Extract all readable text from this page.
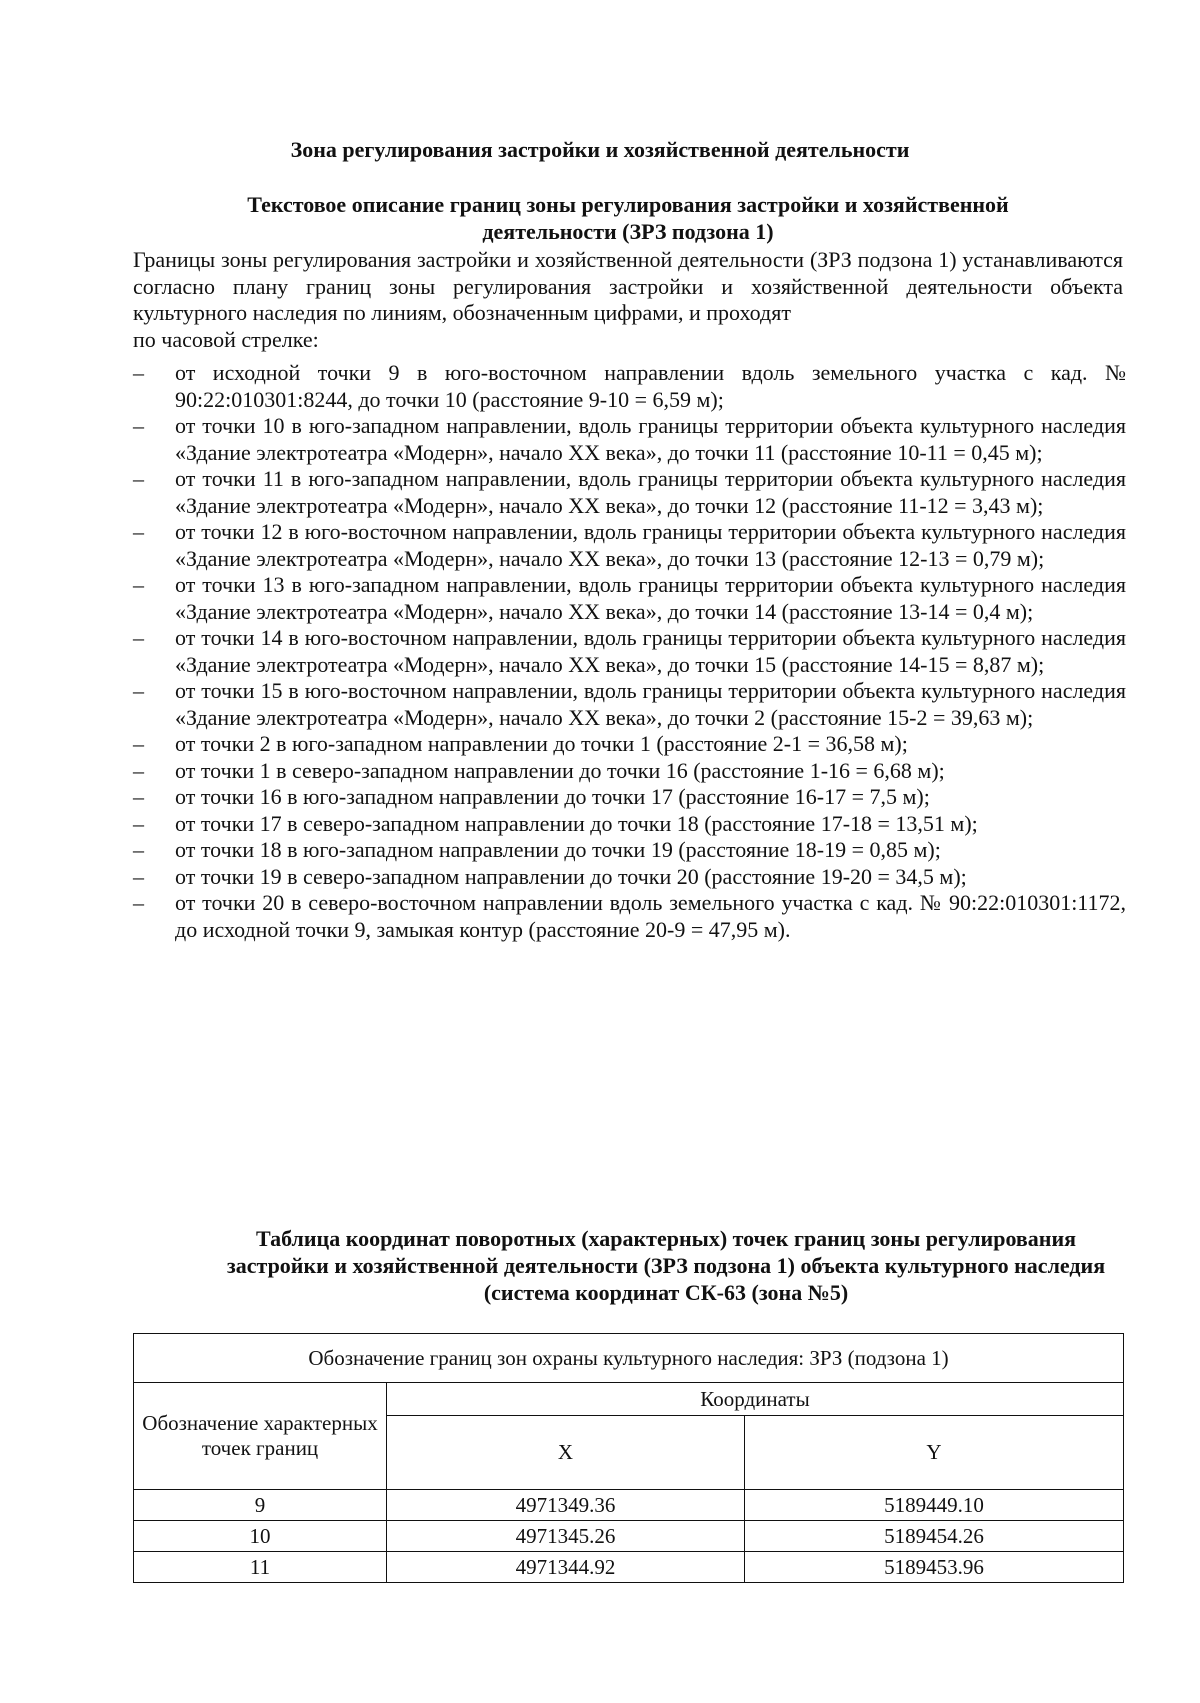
Зона регулирования застройки и хозяйственной деятельности
Текстовое описание границ зоны регулирования застройки и хозяйственной деятельности (ЗРЗ подзона 1)

Границы зоны регулирования застройки и хозяйственной деятельности (ЗРЗ подзона 1) устанавливаются согласно плану границ зоны регулирования застройки и хозяйственной деятельности объекта культурного наследия по линиям, обозначенным цифрами, и проходят
по часовой стрелке:

– от исходной точки 9 в юго-восточном направлении вдоль земельного участка с кад. № 90:22:010301:8244, до точки 10 (расстояние 9-10 = 6,59 м);
– от точки 10 в юго-западном направлении, вдоль границы территории объекта культурного наследия «Здание электротеатра «Модерн», начало XX века», до точки 11 (расстояние 10-11 = 0,45 м);
– от точки 11 в юго-западном направлении, вдоль границы территории объекта культурного наследия «Здание электротеатра «Модерн», начало XX века», до точки 12 (расстояние 11-12 = 3,43 м);
– от точки 12 в юго-восточном направлении, вдоль границы территории объекта культурного наследия «Здание электротеатра «Модерн», начало XX века», до точки 13 (расстояние 12-13 = 0,79 м);
– от точки 13 в юго-западном направлении, вдоль границы территории объекта культурного наследия «Здание электротеатра «Модерн», начало XX века», до точки 14 (расстояние 13-14 = 0,4 м);
– от точки 14 в юго-восточном направлении, вдоль границы территории объекта культурного наследия «Здание электротеатра «Модерн», начало XX века», до точки 15 (расстояние 14-15 = 8,87 м);
– от точки 15 в юго-восточном направлении, вдоль границы территории объекта культурного наследия «Здание электротеатра «Модерн», начало XX века», до точки 2 (расстояние 15-2 = 39,63 м);
– от точки 2 в юго-западном направлении до точки 1 (расстояние 2-1 = 36,58 м);
– от точки 1 в северо-западном направлении до точки 16 (расстояние 1-16 = 6,68 м);
– от точки 16 в юго-западном направлении до точки 17 (расстояние 16-17 = 7,5 м);
– от точки 17 в северо-западном направлении до точки 18 (расстояние 17-18 = 13,51 м);
– от точки 18 в юго-западном направлении до точки 19 (расстояние 18-19 = 0,85 м);
– от точки 19 в северо-западном направлении до точки 20 (расстояние 19-20 = 34,5 м);
– от точки 20 в северо-восточном направлении вдоль земельного участка с кад. № 90:22:010301:1172, до исходной точки 9, замыкая контур (расстояние 20-9 = 47,95 м).
Таблица координат поворотных (характерных) точек границ зоны регулирования застройки и хозяйственной деятельности (ЗРЗ подзона 1) объекта культурного наследия (система координат СК-63 (зона №5)
Обозначение границ зон охраны культурного наследия: ЗРЗ (подзона 1)		
Обозначение характерных точек границ	Координаты	
	X	Y
9	4971349.36	5189449.10
10	4971345.26	5189454.26
11	4971344.92	5189453.96
